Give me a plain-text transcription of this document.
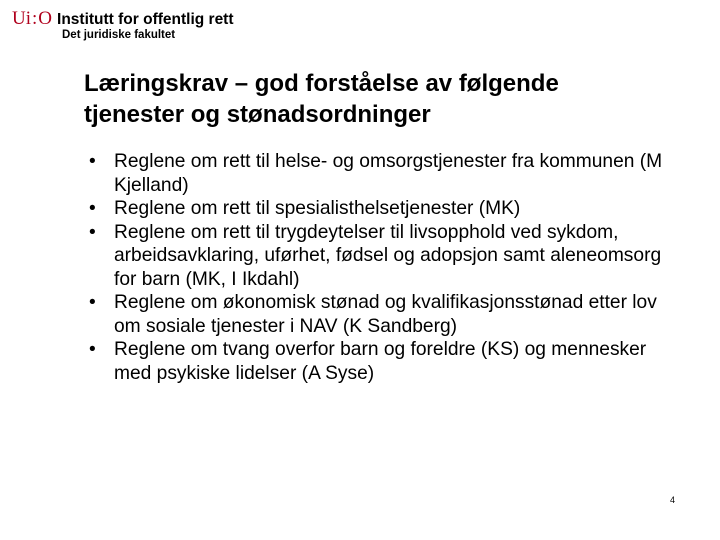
Ui:O Institutt for offentlig rett
Det juridiske fakultet
Læringskrav – god forståelse av følgende
tjenester og stønadsordninger
• Reglene om rett til helse- og omsorgstjenester fra kommunen (M Kjelland)
• Reglene om rett til spesialisthelsetjenester (MK)
• Reglene om rett til trygdeytelser til livsopphold ved sykdom, arbeidsavklaring, uførhet, fødsel og adopsjon samt aleneomsorg for barn (MK, I Ikdahl)
• Reglene om økonomisk stønad og kvalifikasjonsstønad etter lov om sosiale tjenester i NAV (K Sandberg)
• Reglene om tvang overfor barn og foreldre (KS) og mennesker med psykiske lidelser (A Syse)
4
